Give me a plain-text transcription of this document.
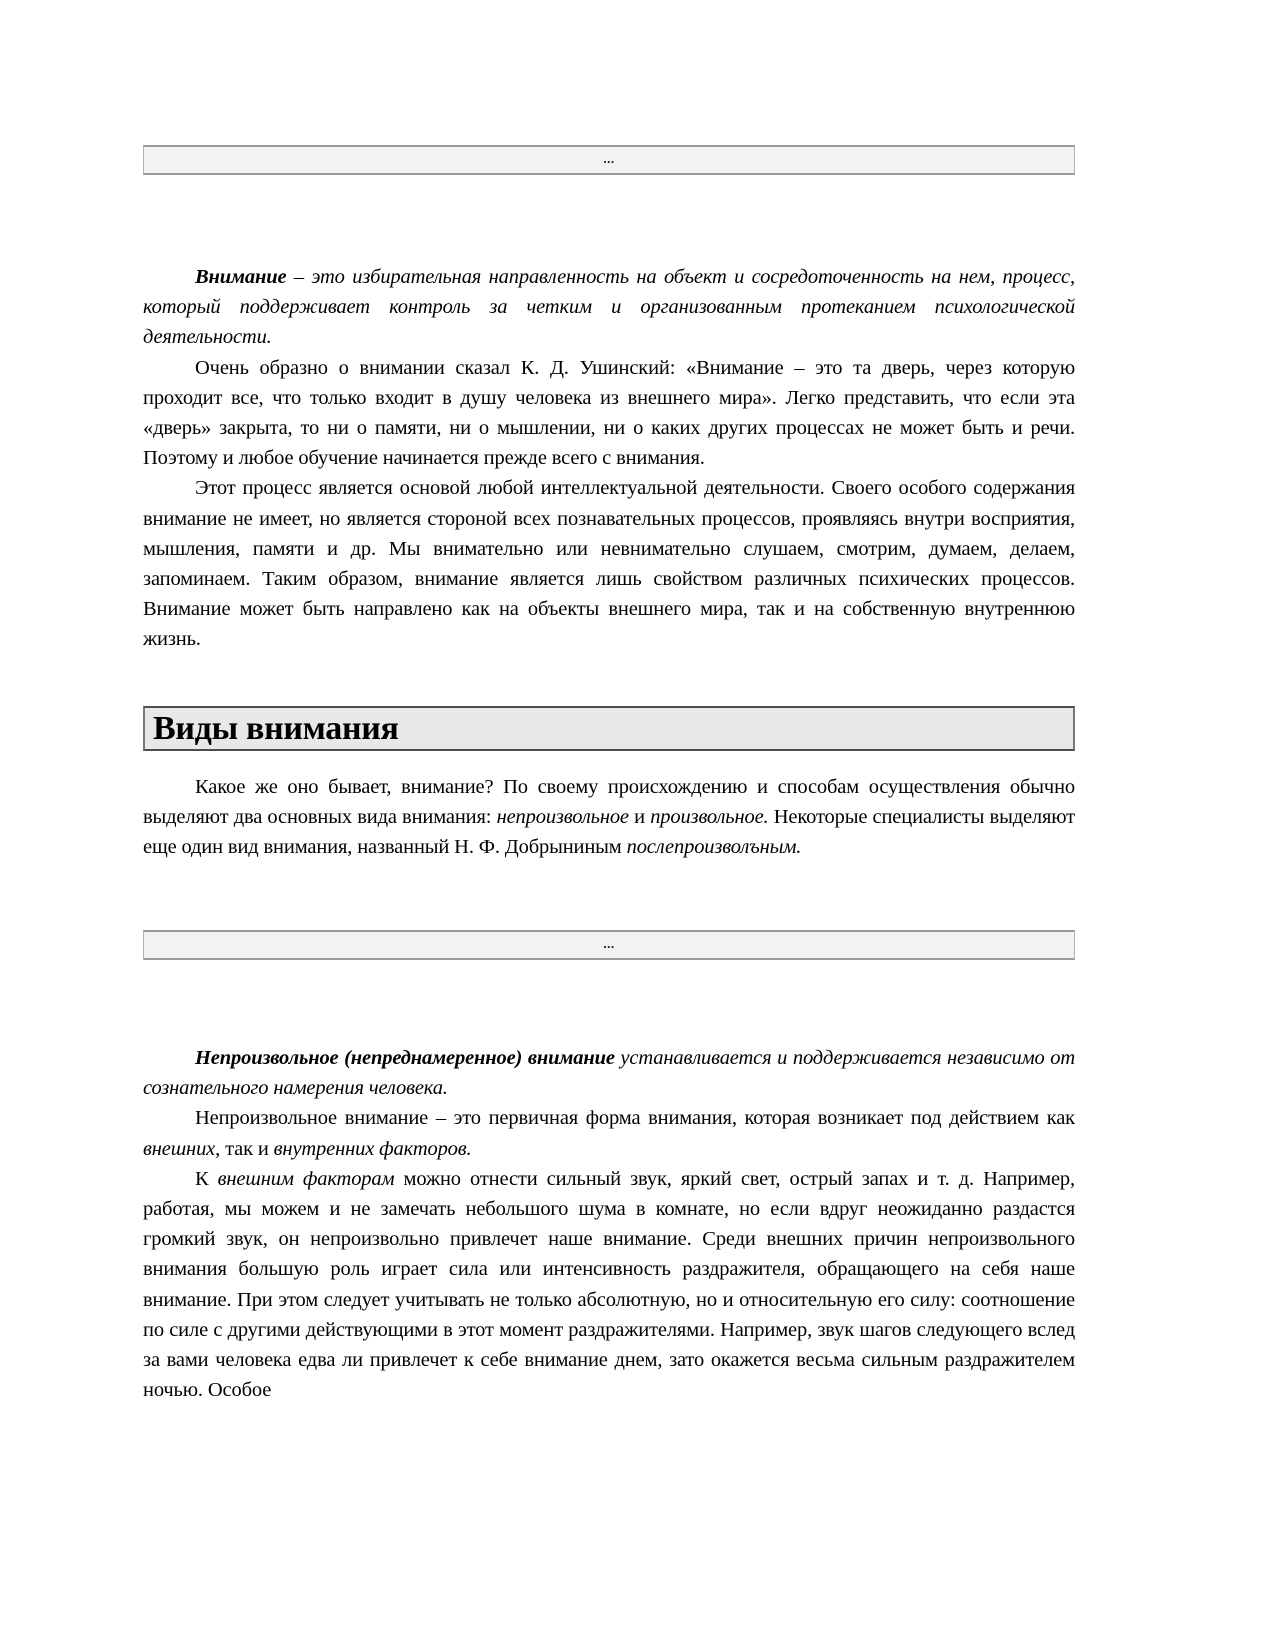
...

Внимание – это избирательная направленность на объект и сосредоточенность на нем, процесс, который поддерживает контроль за четким и организованным протеканием психологической деятельности.

Очень образно о внимании сказал К. Д. Ушинский: «Внимание – это та дверь, через которую проходит все, что только входит в душу человека из внешнего мира». Легко представить, что если эта «дверь» закрыта, то ни о памяти, ни о мышлении, ни о каких других процессах не может быть и речи. Поэтому и любое обучение начинается прежде всего с внимания.

Этот процесс является основой любой интеллектуальной деятельности. Своего особого содержания внимание не имеет, но является стороной всех познавательных процессов, проявляясь внутри восприятия, мышления, памяти и др. Мы внимательно или невнимательно слушаем, смотрим, думаем, делаем, запоминаем. Таким образом, внимание является лишь свойством различных психических процессов. Внимание может быть направлено как на объекты внешнего мира, так и на собственную внутреннюю жизнь.

Виды внимания

Какое же оно бывает, внимание? По своему происхождению и способам осуществления обычно выделяют два основных вида внимания: непроизвольное и произвольное. Некоторые специалисты выделяют еще один вид внимания, названный Н. Ф. Добрыниным послепроизволъным.

...

Непроизвольное (непреднамеренное) внимание устанавливается и поддерживается независимо от сознательного намерения человека.

Непроизвольное внимание – это первичная форма внимания, которая возникает под действием как внешних, так и внутренних факторов.

К внешним факторам можно отнести сильный звук, яркий свет, острый запах и т. д. Например, работая, мы можем и не замечать небольшого шума в комнате, но если вдруг неожиданно раздастся громкий звук, он непроизвольно привлечет наше внимание. Среди внешних причин непроизвольного внимания большую роль играет сила или интенсивность раздражителя, обращающего на себя наше внимание. При этом следует учитывать не только абсолютную, но и относительную его силу: соотношение по силе с другими действующими в этот момент раздражителями. Например, звук шагов следующего вслед за вами человека едва ли привлечет к себе внимание днем, зато окажется весьма сильным раздражителем ночью. Особое
